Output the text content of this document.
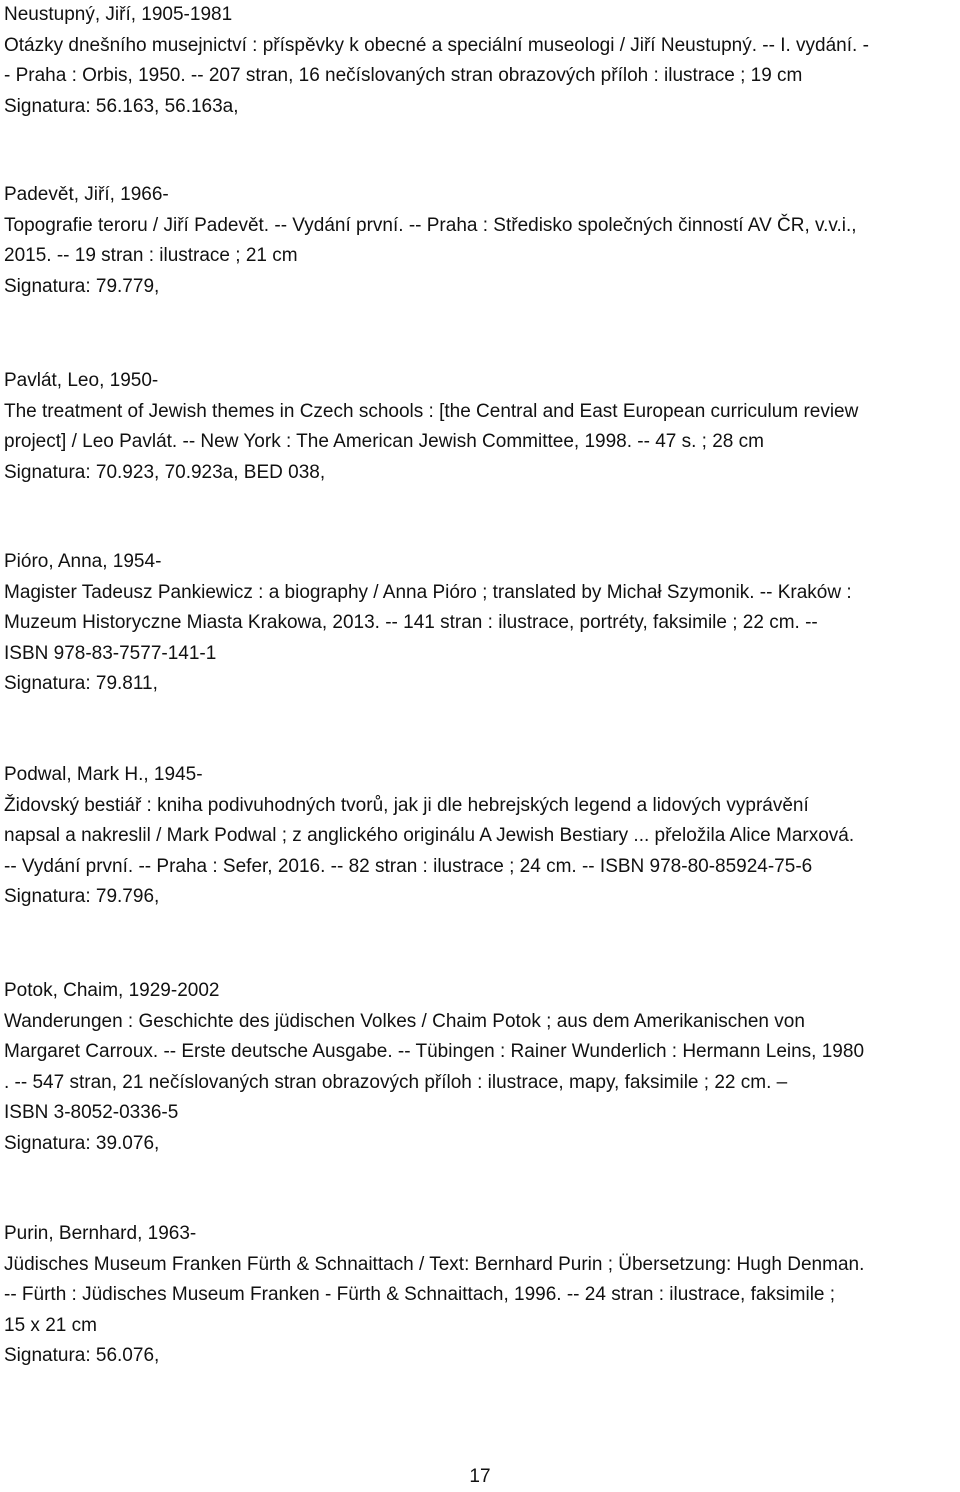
Neustupný, Jiří, 1905-1981
Otázky dnešního musejnictví : příspěvky k obecné a speciální museologi / Jiří Neustupný. -- I. vydání. -
- Praha : Orbis, 1950. -- 207 stran, 16 nečíslovaných stran obrazových příloh : ilustrace ; 19 cm
Signatura: 56.163, 56.163a,
Padevět, Jiří, 1966-
Topografie teroru / Jiří Padevět. -- Vydání první. -- Praha : Středisko společných činností AV ČR, v.v.i.,
2015. -- 19 stran : ilustrace ; 21 cm
Signatura: 79.779,
Pavlát, Leo, 1950-
The treatment of Jewish themes in Czech schools : [the Central and East European curriculum review
project] / Leo Pavlát. -- New York : The American Jewish Committee, 1998. -- 47 s. ; 28 cm
Signatura: 70.923, 70.923a, BED 038,
Pióro, Anna, 1954-
Magister Tadeusz Pankiewicz : a biography / Anna Pióro ; translated by Michał Szymonik. -- Kraków :
Muzeum Historyczne Miasta Krakowa, 2013. -- 141 stran : ilustrace, portréty, faksimile ; 22 cm. --
ISBN 978-83-7577-141-1
Signatura: 79.811,
Podwal, Mark H., 1945-
Židovský bestiář : kniha podivuhodných tvorů, jak ji dle hebrejských legend a lidových vyprávění
napsal a nakreslil / Mark Podwal ; z anglického originálu A Jewish Bestiary ... přeložila Alice Marxová.
-- Vydání první. -- Praha : Sefer, 2016. -- 82 stran : ilustrace ; 24 cm. -- ISBN 978-80-85924-75-6
Signatura: 79.796,
Potok, Chaim, 1929-2002
Wanderungen : Geschichte des jüdischen Volkes / Chaim Potok ; aus dem Amerikanischen von
Margaret Carroux. -- Erste deutsche Ausgabe. -- Tübingen : Rainer Wunderlich : Hermann Leins, 1980
. -- 547 stran, 21 nečíslovaných stran obrazových příloh : ilustrace, mapy, faksimile ; 22 cm. –
ISBN 3-8052-0336-5
Signatura: 39.076,
Purin, Bernhard, 1963-
Jüdisches Museum Franken Fürth & Schnaittach / Text: Bernhard Purin ; Übersetzung: Hugh Denman.
-- Fürth : Jüdisches Museum Franken - Fürth & Schnaittach, 1996. -- 24 stran : ilustrace, faksimile ;
15 x 21 cm
Signatura: 56.076,
17
